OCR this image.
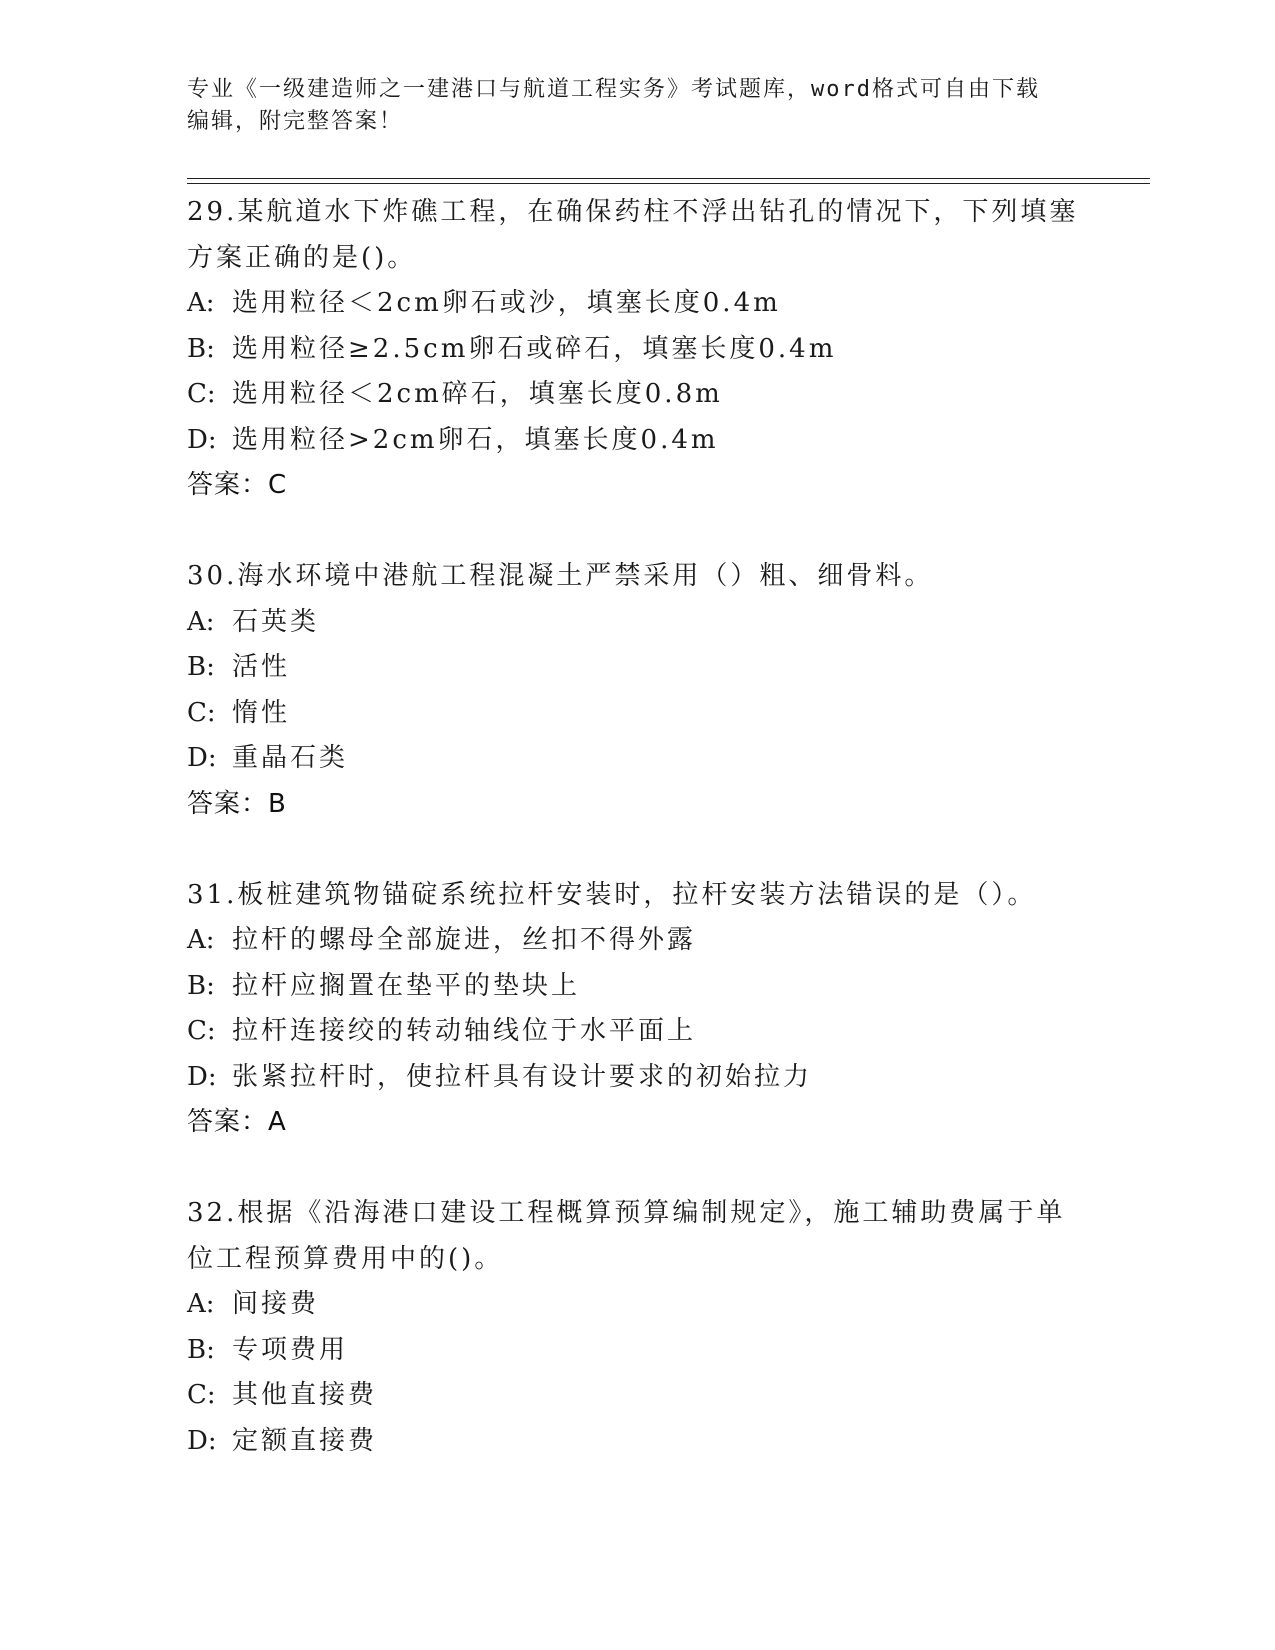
专业《一级建造师之一建港口与航道工程实务》考试题库，word格式可自由下载
编辑，附完整答案！
29.某航道水下炸礁工程，在确保药柱不浮出钻孔的情况下，下列填塞
方案正确的是()。
A: 选用粒径＜2cm卵石或沙，填塞长度0.4m
B: 选用粒径≥2.5cm卵石或碎石，填塞长度0.4m
C: 选用粒径＜2cm碎石，填塞长度0.8m
D: 选用粒径>2cm卵石，填塞长度0.4m
答案：C
30.海水环境中港航工程混凝土严禁采用（）粗、细骨料。
A: 石英类
B: 活性
C: 惰性
D: 重晶石类
答案：B
31.板桩建筑物锚碇系统拉杆安装时，拉杆安装方法错误的是（）。
A: 拉杆的螺母全部旋进，丝扣不得外露
B: 拉杆应搁置在垫平的垫块上
C: 拉杆连接绞的转动轴线位于水平面上
D: 张紧拉杆时，使拉杆具有设计要求的初始拉力
答案：A
32.根据《沿海港口建设工程概算预算编制规定》，施工辅助费属于单
位工程预算费用中的()。
A: 间接费
B: 专项费用
C: 其他直接费
D: 定额直接费
